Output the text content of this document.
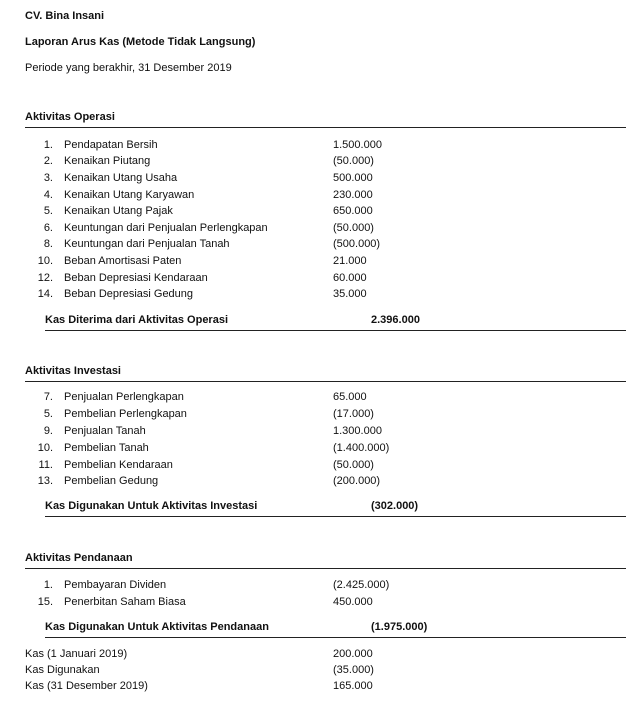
CV. Bina Insani
Laporan Arus Kas (Metode Tidak Langsung)
Periode yang berakhir, 31 Desember 2019
Aktivitas Operasi
1. Pendapatan Bersih	1.500.000
2. Kenaikan Piutang	(50.000)
3. Kenaikan Utang Usaha	500.000
4. Kenaikan Utang Karyawan	230.000
5. Kenaikan Utang Pajak	650.000
6. Keuntungan dari Penjualan Perlengkapan	(50.000)
8. Keuntungan dari Penjualan Tanah	(500.000)
10. Beban Amortisasi Paten	21.000
12. Beban Depresiasi Kendaraan	60.000
14. Beban Depresiasi Gedung	35.000
Kas Diterima dari Aktivitas Operasi	2.396.000
Aktivitas Investasi
7. Penjualan Perlengkapan	65.000
5. Pembelian Perlengkapan	(17.000)
9. Penjualan Tanah	1.300.000
10. Pembelian Tanah	(1.400.000)
11. Pembelian Kendaraan	(50.000)
13. Pembelian Gedung	(200.000)
Kas Digunakan Untuk Aktivitas Investasi	(302.000)
Aktivitas Pendanaan
1. Pembayaran Dividen	(2.425.000)
15. Penerbitan Saham Biasa	450.000
Kas Digunakan Untuk Aktivitas Pendanaan	(1.975.000)
Kas (1 Januari 2019)	200.000
Kas Digunakan	(35.000)
Kas (31 Desember 2019)	165.000
